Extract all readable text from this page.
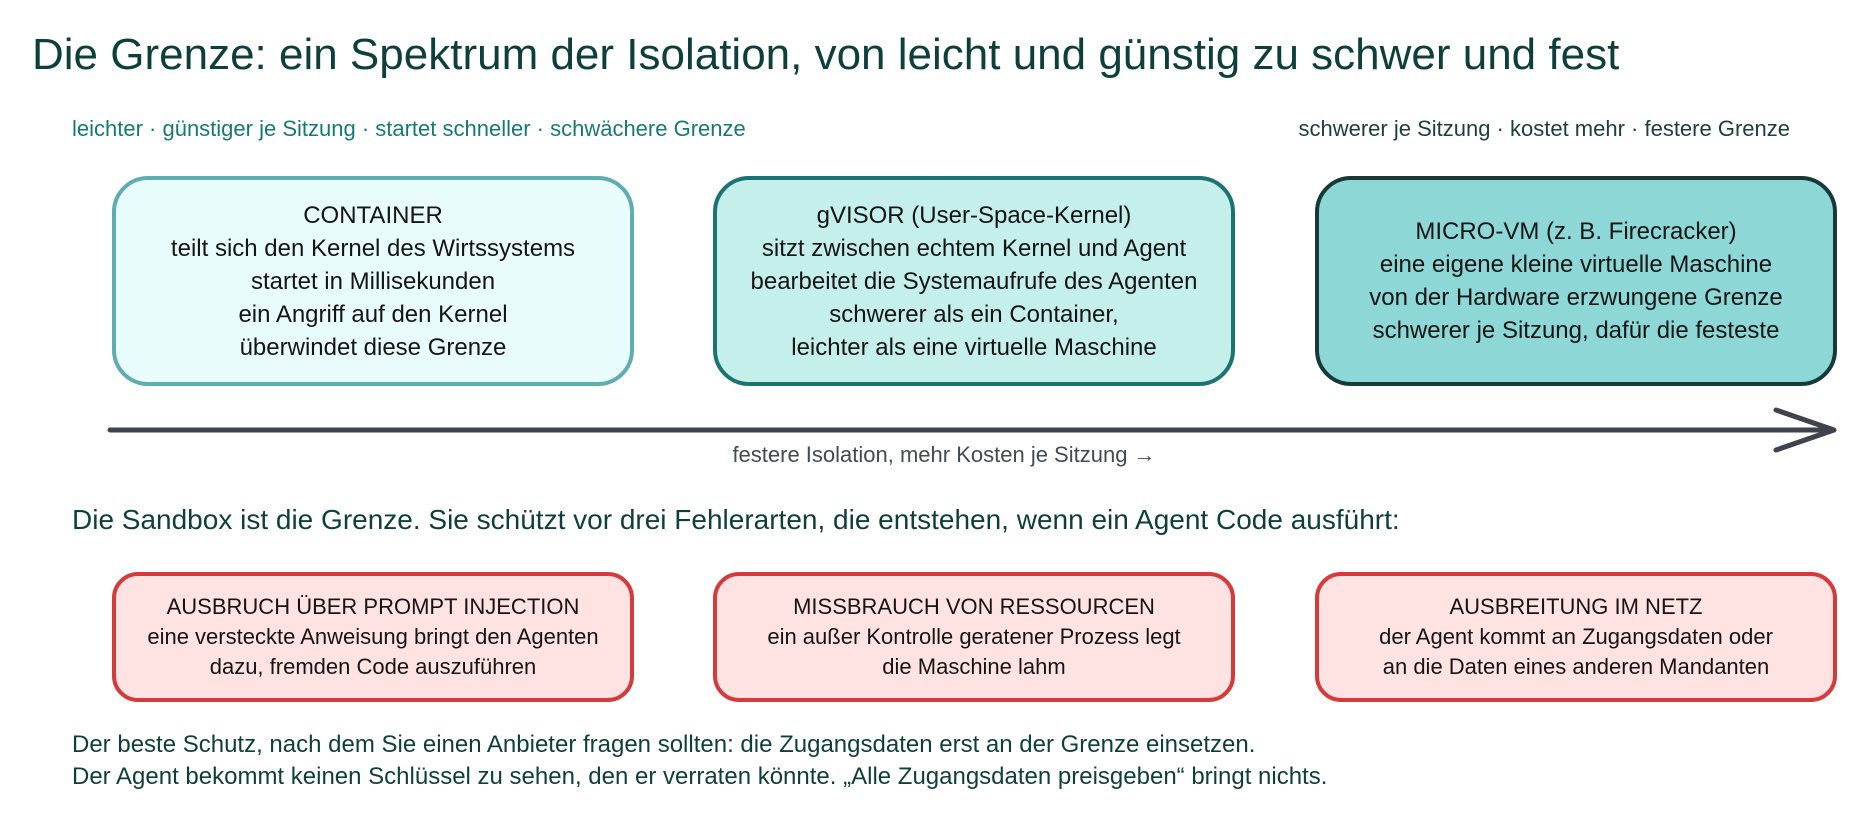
Die Grenze: ein Spektrum der Isolation, von leicht und günstig zu schwer und fest
leichter · günstiger je Sitzung · startet schneller · schwächere Grenze	schwerer je Sitzung · kostet mehr · festere Grenze
CONTAINER
teilt sich den Kernel des Wirtssystems
startet in Millisekunden
ein Angriff auf den Kernel
überwindet diese Grenze
gVISOR (User-Space-Kernel)
sitzt zwischen echtem Kernel und Agent
bearbeitet die Systemaufrufe des Agenten
schwerer als ein Container,
leichter als eine virtuelle Maschine
MICRO-VM (z. B. Firecracker)
eine eigene kleine virtuelle Maschine
von der Hardware erzwungene Grenze
schwerer je Sitzung, dafür die festeste
festere Isolation, mehr Kosten je Sitzung →
Die Sandbox ist die Grenze. Sie schützt vor drei Fehlerarten, die entstehen, wenn ein Agent Code ausführt:
AUSBRUCH ÜBER PROMPT INJECTION
eine versteckte Anweisung bringt den Agenten
dazu, fremden Code auszuführen
MISSBRAUCH VON RESSOURCEN
ein außer Kontrolle geratener Prozess legt
die Maschine lahm
AUSBREITUNG IM NETZ
der Agent kommt an Zugangsdaten oder
an die Daten eines anderen Mandanten
Der beste Schutz, nach dem Sie einen Anbieter fragen sollten: die Zugangsdaten erst an der Grenze einsetzen.
Der Agent bekommt keinen Schlüssel zu sehen, den er verraten könnte. „Alle Zugangsdaten preisgeben“ bringt nichts.
